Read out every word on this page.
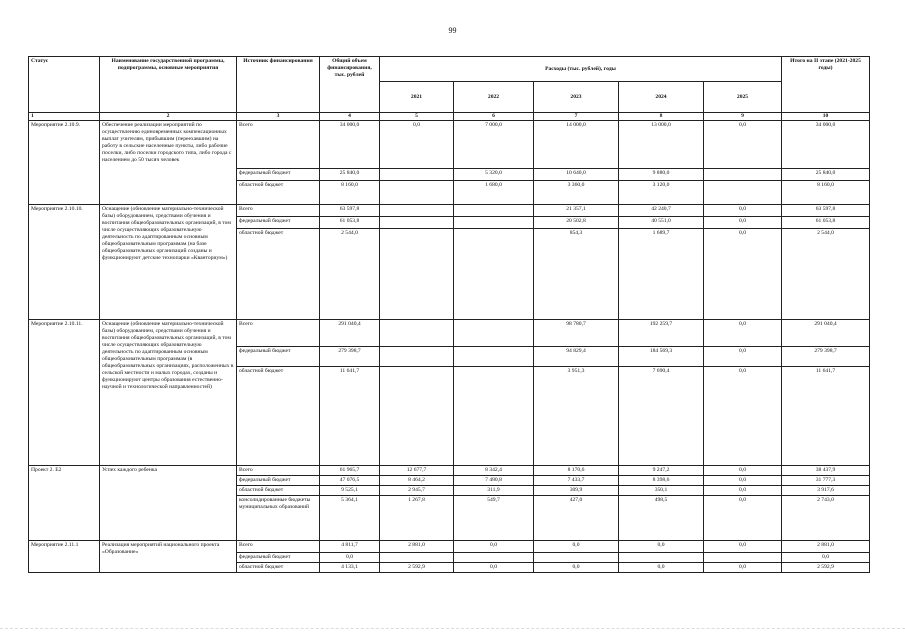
99
Статус	Наименование государственной программы, подпрограммы, основные мероприятия	Источник финансирования	Общий объем финансирования, тыс. рублей	Расходы (тыс. рублей), годы					Итого на II этапе (2021-2025 годы)
				2021	2022	2023	2024	2025	
1	2	3	4	5	6	7	8	9	10
Мероприятие 2.10.9.	Обеспечение реализации мероприятий по осуществлению единовременных компенсационных выплат учителям, прибывшим (переехавшим) на работу в сельские населенные пункты, либо рабочие поселки, либо поселки городского типа, либо города с населением до 50 тысяч человек	Всего	34 000,0	0,0	7 000,0	14 000,0	13 000,0	0,0	34 000,0
		федеральный бюджет	25 840,0		5 320,0	10 640,0	9 880,0		25 840,0
		областной бюджет	8 160,0		1 680,0	3 360,0	3 120,0		8 160,0
Мероприятие 2.10.10.	Оснащение (обновление материально-технической базы) оборудованием, средствами обучения и воспитания общеобразовательных организаций, в том числе осуществляющих образовательную деятельность по адаптированным основным общеобразовательным программам (на базе общеобразовательных организаций созданы и функционируют детские технопарки «Кванториум»)	Всего	63 597,8			21 357,1	42 240,7	0,0	63 597,8
		федеральный бюджет	61 053,8			20 502,8	40 551,0	0,0	61 053,8
		областной бюджет	2 544,0			854,3	1 689,7	0,0	2 544,0
Мероприятие 2.10.11.	Оснащение (обновление материально-технической базы) оборудованием, средствами обучения и воспитания общеобразовательных организаций, в том числе осуществляющих образовательную деятельность по адаптированным основным общеобразовательным программам (в общеобразовательных организациях, расположенных в сельской местности и малых городах, созданы и функционируют центры образования естественно-научной и технологической направленностей)	Всего	291 040,4			98 780,7	192 259,7	0,0	291 040,4
		федеральный бюджет	279 398,7			94 829,4	184 569,3	0,0	279 398,7
		областной бюджет	11 641,7			3 951,3	7 690,4	0,0	11 641,7
Проект 2. Е2	Успех каждого ребенка	Всего	61 965,7	12 677,7	8 342,4	8 170,6	9 247,2	0,0	38 437,9
		федеральный бюджет	47 076,5	8 464,2	7 480,8	7 433,7	8 398,6	0,0	31 777,3
		областной бюджет	9 525,1	2 945,7	311,9	309,9	350,1	0,0	3 917,6
		консолидированные бюджеты муниципальных образований	5 364,1	1 267,8	549,7	427,0	498,5	0,0	2 743,0
Мероприятие 2.11.1	Реализация мероприятий национального проекта «Образование»	Всего	4 811,7	2 881,0	0,0	0,0	0,0	0,0	2 881,0
		федеральный бюджет	0,0						0,0
		областной бюджет	4 133,1	2 592,9	0,0	0,0	0,0	0,0	2 592,9
